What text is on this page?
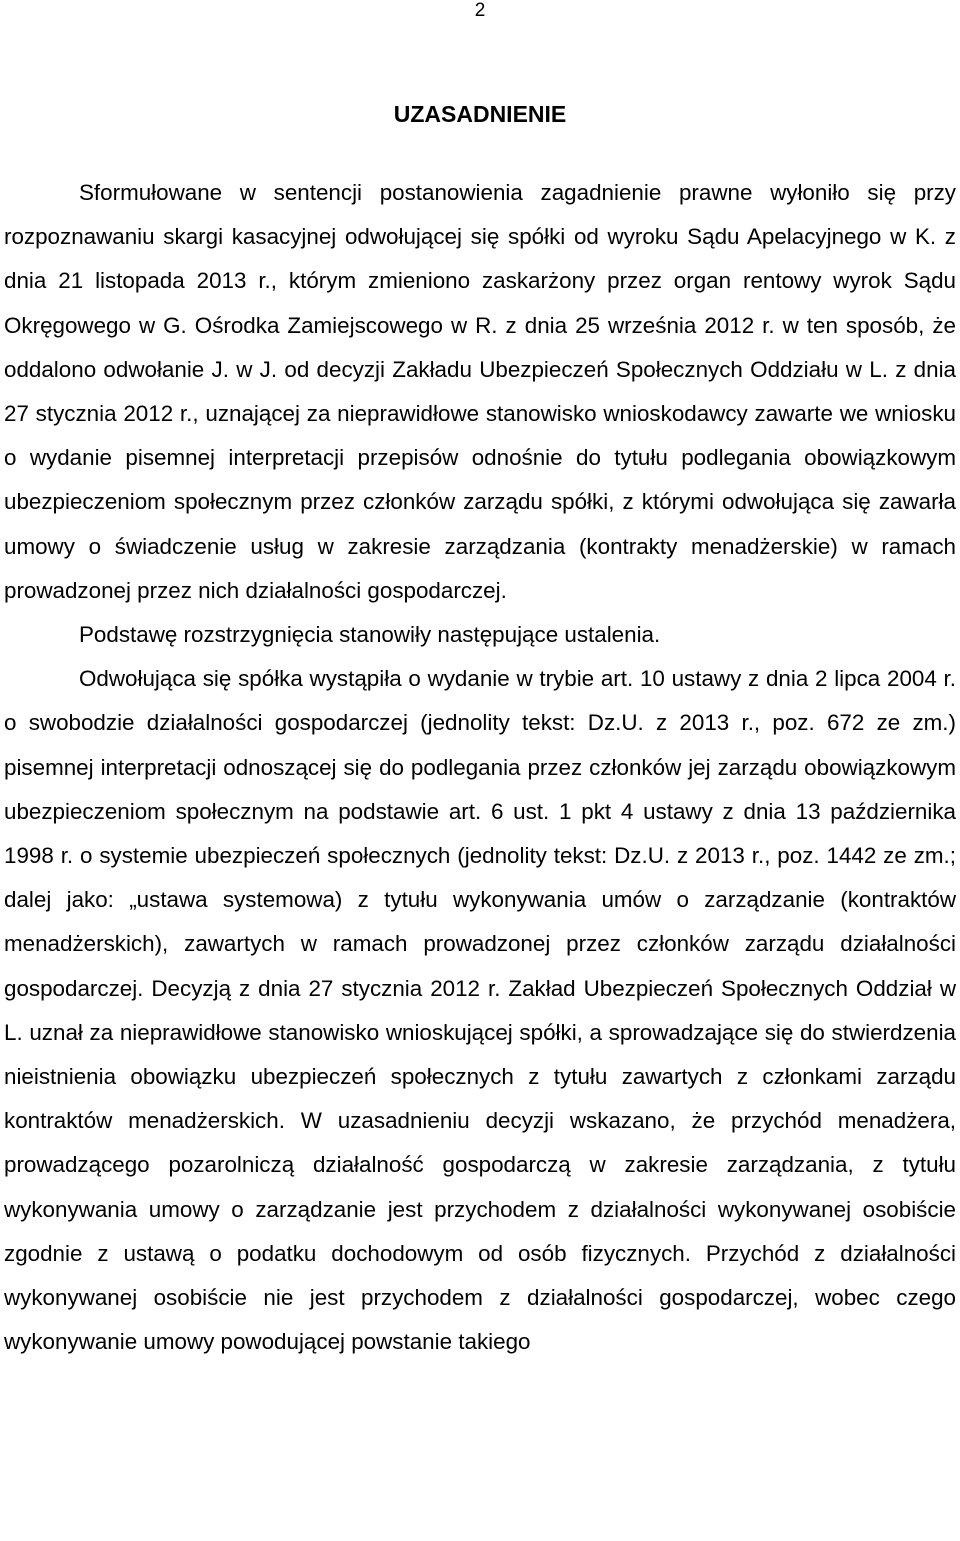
2
UZASADNIENIE

Sformułowane w sentencji postanowienia zagadnienie prawne wyłoniło się przy rozpoznawaniu skargi kasacyjnej odwołującej się spółki od wyroku Sądu Apelacyjnego w K. z dnia 21 listopada 2013 r., którym zmieniono zaskarżony przez organ rentowy wyrok Sądu Okręgowego w G. Ośrodka Zamiejscowego w R. z dnia 25 września 2012 r. w ten sposób, że oddalono odwołanie J. w J. od decyzji Zakładu Ubezpieczeń Społecznych Oddziału w L. z dnia 27 stycznia 2012 r., uznającej za nieprawidłowe stanowisko wnioskodawcy zawarte we wniosku o wydanie pisemnej interpretacji przepisów odnośnie do tytułu podlegania obowiązkowym ubezpieczeniom społecznym przez członków zarządu spółki, z którymi odwołująca się zawarła umowy o świadczenie usług w zakresie zarządzania (kontrakty menadżerskie) w ramach prowadzonej przez nich działalności gospodarczej.

Podstawę rozstrzygnięcia stanowiły następujące ustalenia.

Odwołująca się spółka wystąpiła o wydanie w trybie art. 10 ustawy z dnia 2 lipca 2004 r. o swobodzie działalności gospodarczej (jednolity tekst: Dz.U. z 2013 r., poz. 672 ze zm.) pisemnej interpretacji odnoszącej się do podlegania przez członków jej zarządu obowiązkowym ubezpieczeniom społecznym na podstawie art. 6 ust. 1 pkt 4 ustawy z dnia 13 października 1998 r. o systemie ubezpieczeń społecznych (jednolity tekst: Dz.U. z 2013 r., poz. 1442 ze zm.; dalej jako: „ustawa systemowa) z tytułu wykonywania umów o zarządzanie (kontraktów menadżerskich), zawartych w ramach prowadzonej przez członków zarządu działalności gospodarczej. Decyzją z dnia 27 stycznia 2012 r. Zakład Ubezpieczeń Społecznych Oddział w L. uznał za nieprawidłowe stanowisko wnioskującej spółki, a sprowadzające się do stwierdzenia nieistnienia obowiązku ubezpieczeń społecznych z tytułu zawartych z członkami zarządu kontraktów menadżerskich. W uzasadnieniu decyzji wskazano, że przychód menadżera, prowadzącego pozarolniczą działalność gospodarczą w zakresie zarządzania, z tytułu wykonywania umowy o zarządzanie jest przychodem z działalności wykonywanej osobiście zgodnie z ustawą o podatku dochodowym od osób fizycznych. Przychód z działalności wykonywanej osobiście nie jest przychodem z działalności gospodarczej, wobec czego wykonywanie umowy powodującej powstanie takiego
